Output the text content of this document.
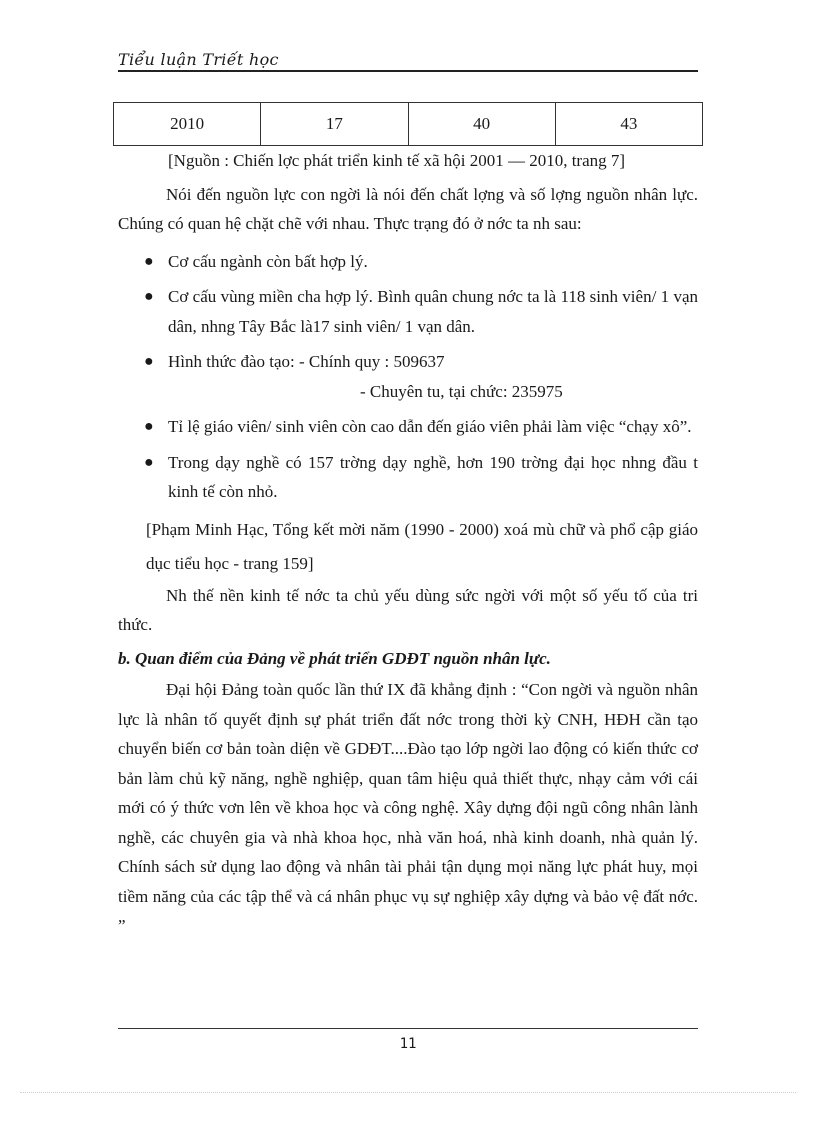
Tiểu luận Triết học
2010	17	40	43

[Nguồn : Chiến lợc phát triển kinh tế xã hội 2001 — 2010, trang 7]

Nói đến nguồn lực con ngời là nói đến chất lợng và số lợng nguồn nhân lực. Chúng có quan hệ chặt chẽ với nhau. Thực trạng đó ở nớc ta nh sau:

● Cơ cấu ngành còn bất hợp lý.
● Cơ cấu vùng miền cha hợp lý. Bình quân chung nớc ta là 118 sinh viên/ 1 vạn dân, nhng Tây Bắc là17 sinh viên/ 1 vạn dân.
● Hình thức đào tạo: - Chính quy : 509637
- Chuyên tu, tại chức: 235975
● Tỉ lệ giáo viên/ sinh viên còn cao dẫn đến giáo viên phải làm việc “chạy xô”.
● Trong dạy nghề có 157 trờng dạy nghề, hơn 190 trờng đại học nhng đầu t kinh tế còn nhỏ.

[Phạm Minh Hạc, Tổng kết mời năm (1990 - 2000) xoá mù chữ và phổ cập giáo dục tiểu học - trang 159]

Nh thế nền kinh tế nớc ta chủ yếu dùng sức ngời với một số yếu tố của tri thức.

b. Quan điểm của Đảng về phát triển GDĐT nguồn nhân lực.

Đại hội Đảng toàn quốc lần thứ IX đã khẳng định : “Con ngời và nguồn nhân lực là nhân tố quyết định sự phát triển đất nớc trong thời kỳ CNH, HĐH cần tạo chuyển biến cơ bản toàn diện về GDĐT....Đào tạo lớp ngời lao động có kiến thức cơ bản làm chủ kỹ năng, nghề nghiệp, quan tâm hiệu quả thiết thực, nhạy cảm với cái mới có ý thức vơn lên về khoa học và công nghệ. Xây dựng đội ngũ công nhân lành nghề, các chuyên gia và nhà khoa học, nhà văn hoá, nhà kinh doanh, nhà quản lý. Chính sách sử dụng lao động và nhân tài phải tận dụng mọi năng lực phát huy, mọi tiềm năng của các tập thể và cá nhân phục vụ sự nghiệp xây dựng và bảo vệ đất nớc. ”

11
